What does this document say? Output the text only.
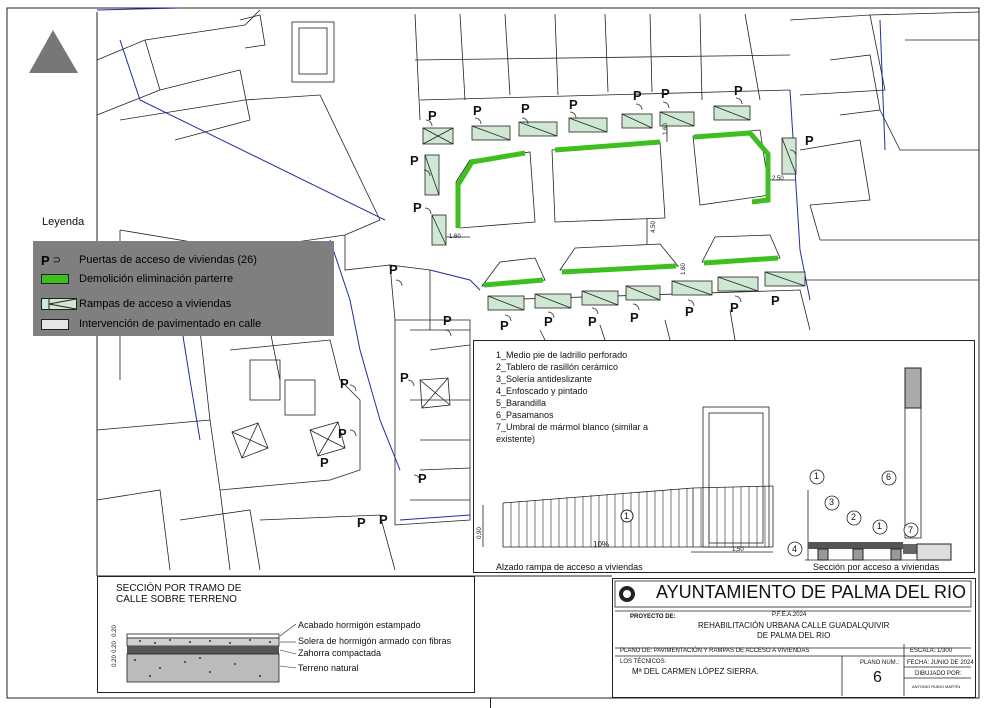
P	P	P	P
P P	P
P
P
P
P
P	P	P	P	P	P	P P
P	P
P
P
P
P P
1.60
4.50
2.50
1.60
1.60
Leyenda
P ⊃ Puertas de acceso de viviendas (26)
Demolición eliminación parterre
Rampas de acceso a viviendas
Intervención de pavimentado en calle
1_Medio pie de ladrillo perforado
2_Tablero de rasillón cerámico
3_Solería antideslizante
4_Enfoscado y pintado
5_Barandilla
6_Pasamanos
7_Umbral de mármol blanco (similar a existente)
1
10%
1,50
0,90
Alzado rampa de acceso a viviendas	Sección por acceso a viviendas
1
3
2
1
4
6
7
SECCIÓN POR TRAMO DE CALLE SOBRE TERRENO
0.20
0.20
0.20
Acabado hormigón estampado
Solera de hormigón armado con fibras
Zahorra compactada
Terreno natural
AYUNTAMIENTO DE PALMA DEL RIO
PROYECTO DE:	P.F.E.A.2024
REHABILITACIÓN URBANA CALLE GUADALQUIVIR
DE PALMA DEL RIO
PLANO DE: PAVIMENTACIÓN Y RAMPAS DE ACCESO A VIVIENDAS	ESCALA: 1/300
LOS TÉCNICOS:
Mª DEL CARMEN LÓPEZ SIERRA.
PLANO NUM.:
6
FECHA: JUNIO DE 2024
DIBUJADO POR:
ANTONIO RUBIO MARTÍN
